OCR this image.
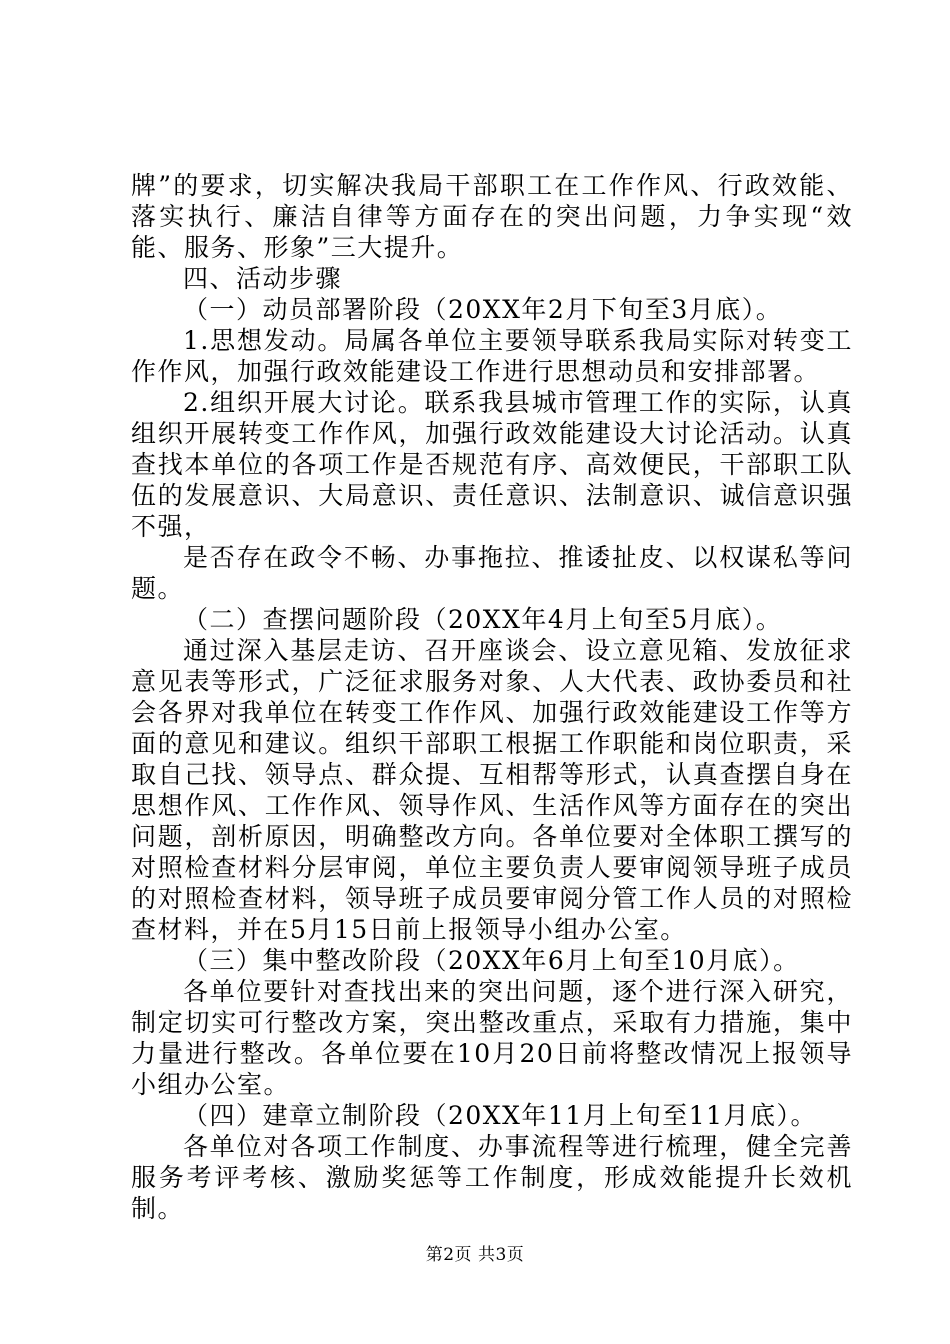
牌”的要求，切实解决我局干部职工在工作作风、行政效能、落实执行、廉洁自律等方面存在的突出问题，力争实现“效能、服务、形象”三大提升。

四、活动步骤

（一）动员部署阶段（20XX年2月下旬至3月底）。

1.思想发动。局属各单位主要领导联系我局实际对转变工作作风，加强行政效能建设工作进行思想动员和安排部署。

2.组织开展大讨论。联系我县城市管理工作的实际，认真组织开展转变工作作风，加强行政效能建设大讨论活动。认真查找本单位的各项工作是否规范有序、高效便民，干部职工队伍的发展意识、大局意识、责任意识、法制意识、诚信意识强不强，

是否存在政令不畅、办事拖拉、推诿扯皮、以权谋私等问题。

（二）查摆问题阶段（20XX年4月上旬至5月底）。

通过深入基层走访、召开座谈会、设立意见箱、发放征求意见表等形式，广泛征求服务对象、人大代表、政协委员和社会各界对我单位在转变工作作风、加强行政效能建设工作等方面的意见和建议。组织干部职工根据工作职能和岗位职责，采取自己找、领导点、群众提、互相帮等形式，认真查摆自身在思想作风、工作作风、领导作风、生活作风等方面存在的突出问题，剖析原因，明确整改方向。各单位要对全体职工撰写的对照检查材料分层审阅，单位主要负责人要审阅领导班子成员的对照检查材料，领导班子成员要审阅分管工作人员的对照检查材料，并在5月15日前上报领导小组办公室。

（三）集中整改阶段（20XX年6月上旬至10月底）。

各单位要针对查找出来的突出问题，逐个进行深入研究，制定切实可行整改方案，突出整改重点，采取有力措施，集中力量进行整改。各单位要在10月20日前将整改情况上报领导小组办公室。

（四）建章立制阶段（20XX年11月上旬至11月底）。

各单位对各项工作制度、办事流程等进行梳理，健全完善服务考评考核、激励奖惩等工作制度，形成效能提升长效机制。

第2页 共3页
